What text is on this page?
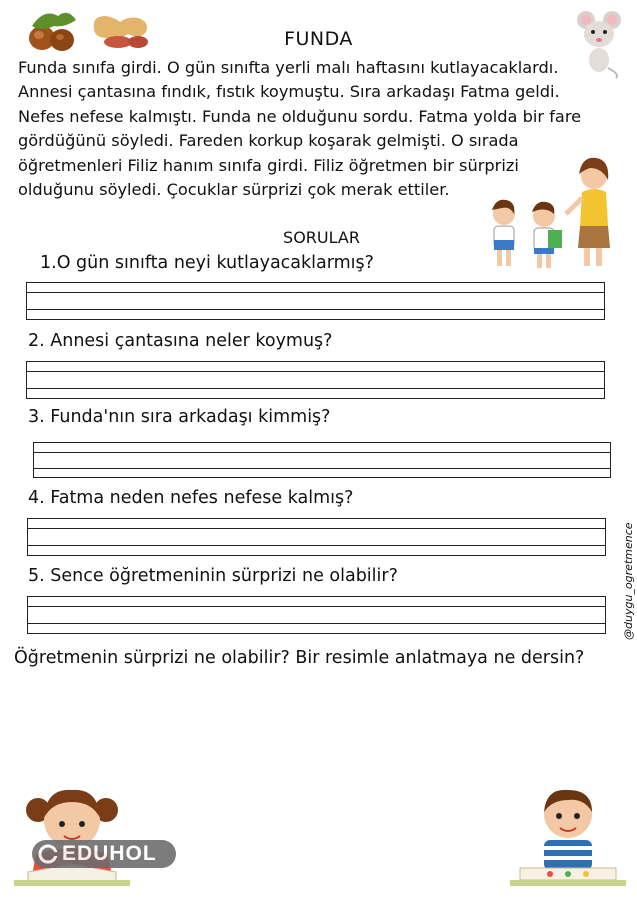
FUNDA
Funda sınıfa girdi. O gün sınıfta yerli malı haftasını kutlayacaklardı.
Annesi çantasına fındık, fıstık koymuştu. Sıra arkadaşı Fatma geldi.
Nefes nefese kalmıştı. Funda ne olduğunu sordu. Fatma yolda bir fare
gördüğünü söyledi. Fareden korkup koşarak gelmişti. O sırada
öğretmenleri Filiz hanım sınıfa girdi. Filiz öğretmen bir sürprizi
olduğunu söyledi. Çocuklar sürprizi çok merak ettiler.
SORULAR
1.O gün sınıfta neyi kutlayacaklarmış?
2. Annesi çantasına neler koymuş?
3. Funda'nın sıra arkadaşı kimmiş?
4. Fatma neden nefes nefese kalmış?
5. Sence öğretmeninin sürprizi ne olabilir?	@duygu_ogretmence
Öğretmenin sürprizi ne olabilir? Bir resimle anlatmaya ne dersin?
EDUHOL
